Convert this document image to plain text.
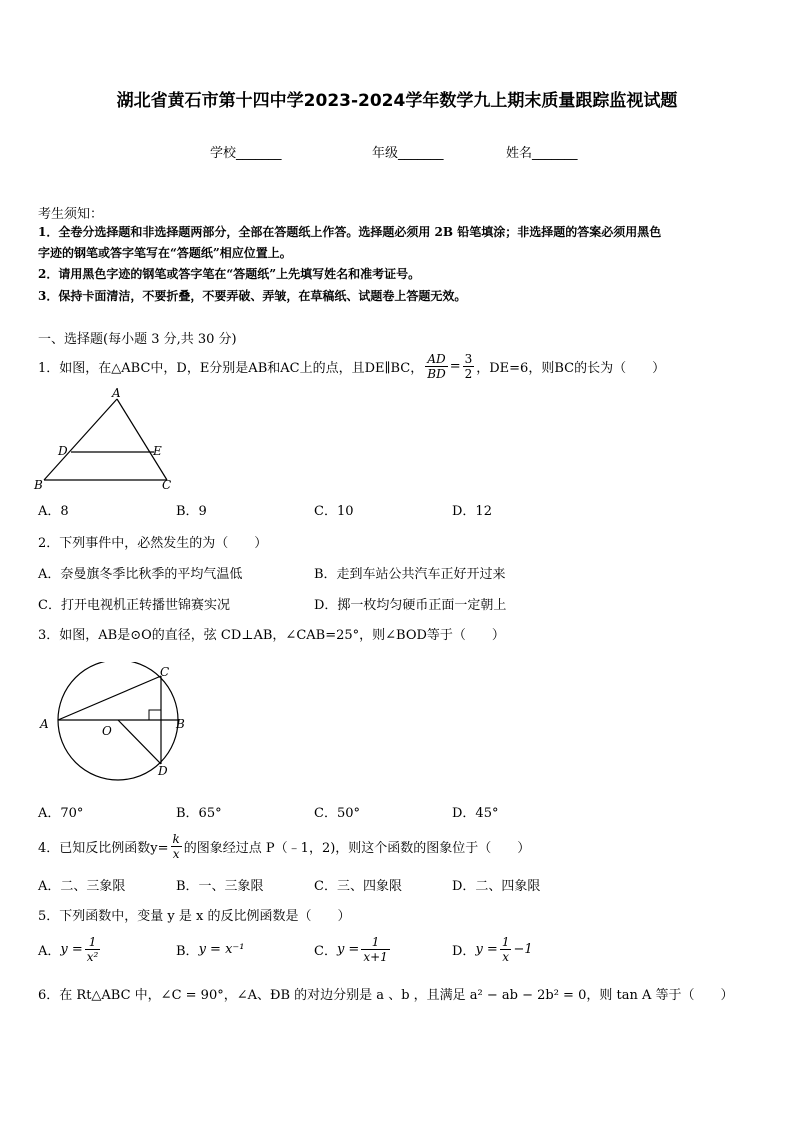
湖北省黄石市第十四中学2023-2024学年数学九上期末质量跟踪监视试题
学校_______	年级_______	姓名_______
考生须知：
1．全卷分选择题和非选择题两部分，全部在答题纸上作答。选择题必须用 2B 铅笔填涂；非选择题的答案必须用黑色
字迹的钢笔或答字笔写在“答题纸”相应位置上。
2．请用黑色字迹的钢笔或答字笔在“答题纸”上先填写姓名和准考证号。
3．保持卡面清洁，不要折叠，不要弄破、弄皱，在草稿纸、试题卷上答题无效。
一、选择题(每小题 3 分,共 30 分)
1．如图，在△ABC中，D，E分别是AB和AC上的点，且DE∥BC， $\frac{AD}{BD} = \frac{3}{2}$ ，DE=6，则BC的长为（　　）
A
B	C
D	E
A．8	B．9	C．10	D．12
2．下列事件中，必然发生的为（　　）
A．奈曼旗冬季比秋季的平均气温低	B．走到车站公共汽车正好开过来
C．打开电视机正转播世锦赛实况	D．掷一枚均匀硬币正面一定朝上
3．如图，AB是⊙O的直径，弦 CD⊥AB，∠CAB=25°，则∠BOD等于（　　）
C
A	B
O
D
A．70°	B．65°	C．50°	D．45°
4．已知反比例函数$y= \frac{k}{x}$ 的图象经过点 P（﹣1，2)，则这个函数的图象位于（　　）
A．二、三象限	B．一、三象限	C．三、四象限	D．二、四象限
5．下列函数中，变量 y 是 x 的反比例函数是（　　）
A． $y = \frac{1}{\text{x²}}$	B． y = x⁻¹	C． $y = \frac{1}{x+1}$	D． $y = \frac{1}{x} -1$
6．在 Rt△ABC 中，∠C = 90°，∠A、ÐB 的对边分别是 a 、b ，且满足 a² − ab − 2b² = 0，则 tan A 等于（　　）
